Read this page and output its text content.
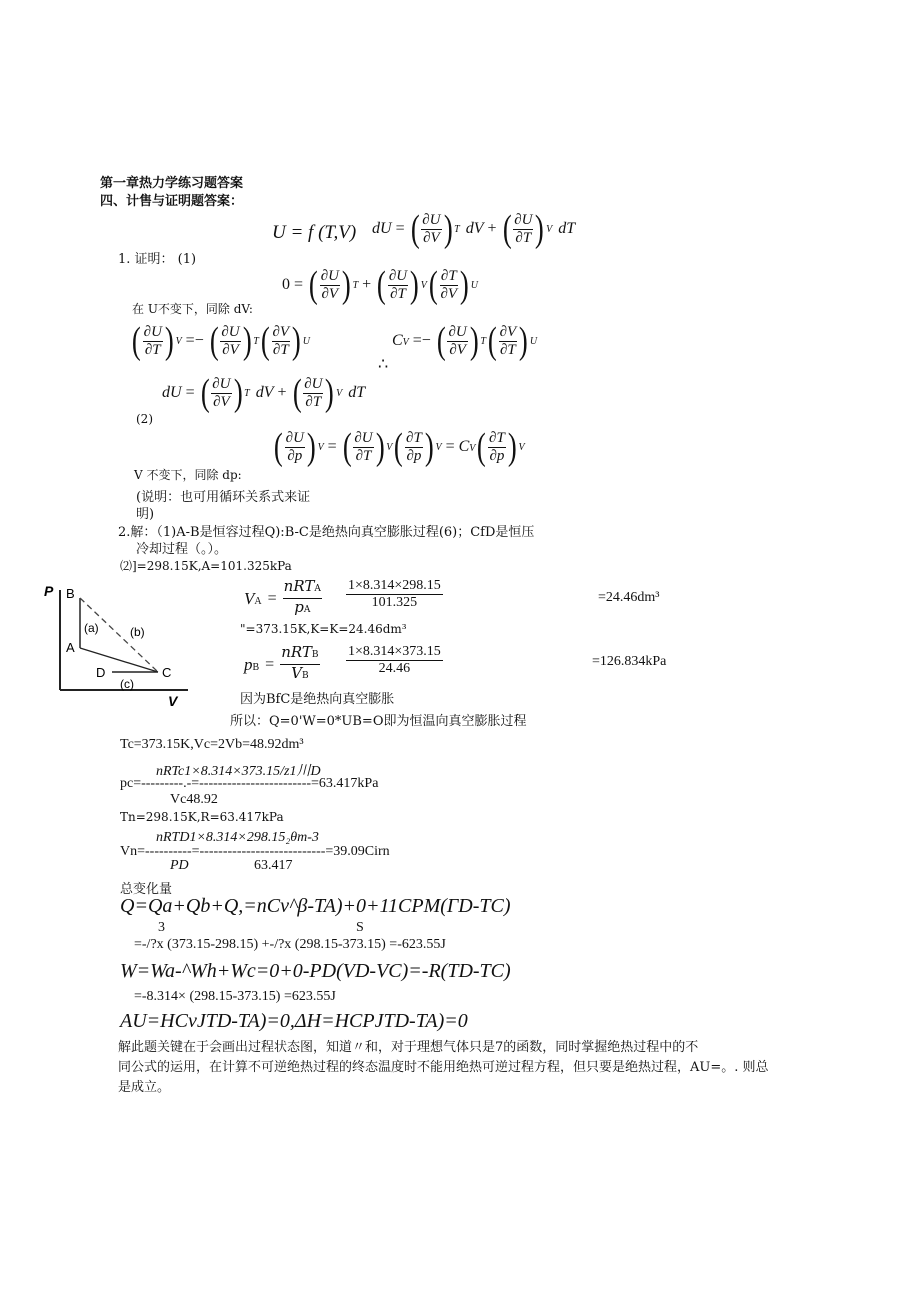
第一章热力学练习题答案
四、计售与证明题答案：
U = f (T,V) dU = ( ∂U
∂V ) T dV + ( ∂U
∂T ) V dT
1. 证明： (1)
0 = ( ∂U
∂V ) T + ( ∂U
∂T ) V ( ∂T
∂V ) U
在 U不变下，同除 dV:
( ∂U
∂T ) V =− ( ∂U
∂V ) T ( ∂V
∂T ) U
∴
CV =− ( ∂U
∂V ) T ( ∂V
∂T ) U
dU = ( ∂U
∂V ) T dV + ( ∂U
∂T ) V dT
(2)
( ∂U
∂p ) V = ( ∂U
∂T ) V ( ∂T
∂p ) V = CV ( ∂T
∂p ) V
V 不变下，同除 dp:
(说明：也可用循环关系式来证
明)
2.解：（1)A-B是恒容过程Q):B-C是绝热向真空膨胀过程(6)；CfD是恒压
冷却过程（。）。
⑵]=298.15K,A=101.325kPa
P
V
B
A
D	C
(a)	(b)
(c)
VA =
nRTA
pA	$\frac{1\times 8.314\times 298.15}{101.325}$	=24.46dm³
"=373.15K,K=K=24.46dm³
pB =
nRTB
VB	$\frac{1\times 8.314\times 373.15}{24.46}$	=126.834kPa
因为BfC是绝热向真空膨胀
所以：Q=0'W=0*UB=O即为恒温向真空膨胀过程
Tc=373.15K,Vc=2Vb=48.92dm³
nRTc1×8.314×373.15/z1川D
pc=---------.-=------------------------=63.417kPa
Vc48.92
Tn=298.15K,R=63.417kPa
nRTD1×8.314×298.15₂θm-3
Vn=----------=---------------------------=39.09Cirn
PD	63.417
总变化量
Q=Qa+Qb+Q,=nCv^β-TA)+0+11CPM(ΓD-TC)
3	S
=-/?x (373.15-298.15) +-/?x (298.15-373.15) =-623.55J
W=Wa-^Wh+Wc=0+0-PD(VD-VC)=-R(TD-TC)
=-8.314× (298.15-373.15) =623.55J
AU=HCvJTD-TA)=0,ΔH=HCPJTD-TA)=0
解此题关键在于会画出过程状态图，知道〃和，对于理想气体只是7的函数，同时掌握绝热过程中的不
同公式的运用，在计算不可逆绝热过程的终态温度时不能用绝热可逆过程方程，但只要是绝热过程，AU=。. 则总
是成立。
